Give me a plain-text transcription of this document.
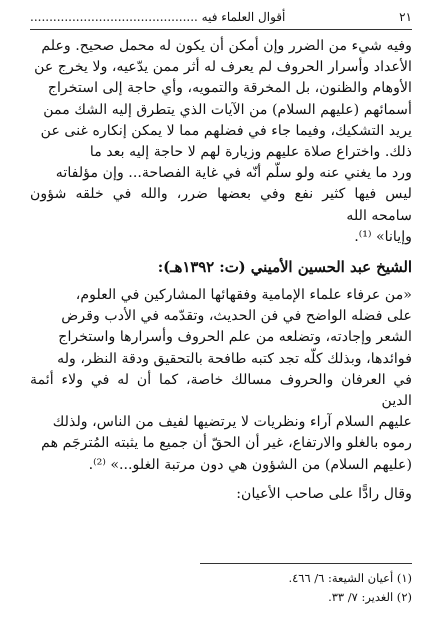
٢١
أقوال العلماء فيه ............................................

وفيه شيء من الضرر وإن أمكن أن يكون له محمل صحيح. وعلم
الأعداد وأسرار الحروف لم يعرف له أثر ممن يدّعيه، ولا يخرج عن
الأوهام والظنون، بل المخرقة والتمويه، وأي حاجة إلى استخراج
أسمائهم (عليهم السلام) من الآيات الذي يتطرق إليه الشك ممن
يريد التشكيك، وفيما جاء في فضلهم مما لا يمكن إنكاره غنى عن
ذلك. واختراع صلاة عليهم وزيارة لهم لا حاجة إليه بعد ما
ورد ما يغني عنه ولو سلّم أنّه في غاية الفصاحة... وإن مؤلفاته
ليس فيها كثير نفع وفي بعضها ضرر، والله في خلقه شؤون سامحه الله
وإيانا» ⁽¹⁾.

الشيخ عبد الحسين الأميني (ت: ١٣٩٢هـ):

«من عرفاء علماء الإمامية وفقهائها المشاركين في العلوم،
على فضله الواضح في فن الحديث، وتقدّمه في الأدب وقرض
الشعر وإجادته، وتضلعه من علم الحروف وأسرارها واستخراج
فوائدها، وبذلك كلّه تجد كتبه طافحة بالتحقيق ودقة النظر، وله
في العرفان والحروف مسالك خاصة، كما أن له في ولاء أئمة الدين
عليهم السلام آراء ونظريات لا يرتضيها لفيف من الناس، ولذلك
رموه بالغلو والارتفاع، غير أن الحقّ أن جميع ما يثبته المُترجَم هم
(عليهم السلام) من الشؤون هي دون مرتبة الغلو...» ⁽²⁾.

وقال رادًّا على صاحب الأعيان:
(١) أعيان الشيعة: ٦/ ٤٦٦.
(٢) الغدير: ٧/ ٣٣.
